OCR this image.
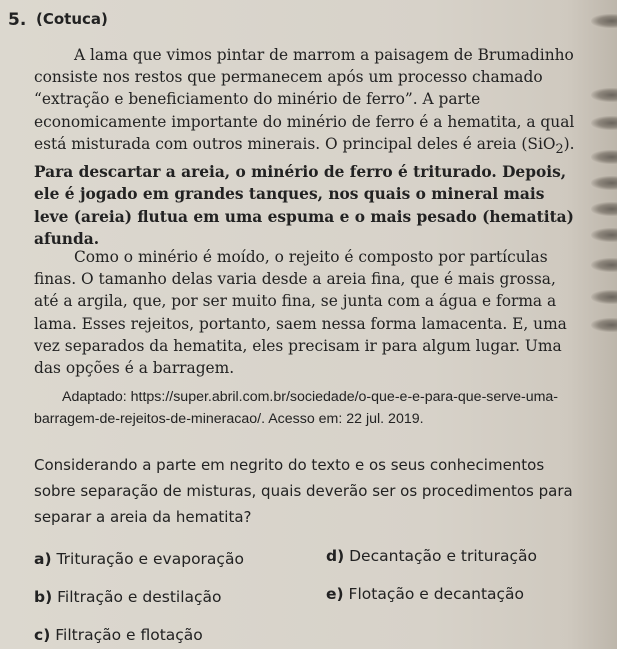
5. (Cotuca)

A lama que vimos pintar de marrom a paisagem de Brumadinho consiste nos restos que permanecem após um processo chamado “extração e beneficiamento do minério de ferro”. A parte economicamente importante do minério de ferro é a hematita, a qual está misturada com outros minerais. O principal deles é areia (SiO$_2$). Para descartar a areia, o minério de ferro é triturado. Depois, ele é jogado em grandes tanques, nos quais o mineral mais leve (areia) flutua em uma espuma e o mais pesado (hematita) afunda.

Como o minério é moído, o rejeito é composto por partículas finas. O tamanho delas varia desde a areia fina, que é mais grossa, até a argila, que, por ser muito fina, se junta com a água e forma a lama. Esses rejeitos, portanto, saem nessa forma lamacenta. E, uma vez separados da hematita, eles precisam ir para algum lugar. Uma das opções é a barragem.

Adaptado: https://super.abril.com.br/sociedade/o-que-e-e-para-que-serve-uma-barragem-de-rejeitos-de-mineracao/. Acesso em: 22 jul. 2019.

Considerando a parte em negrito do texto e os seus conhecimentos sobre separação de misturas, quais deverão ser os procedimentos para separar a areia da hematita?

a) Trituração e evaporação
b) Filtração e destilação
c) Filtração e flotação
d) Decantação e trituração
e) Flotação e decantação
